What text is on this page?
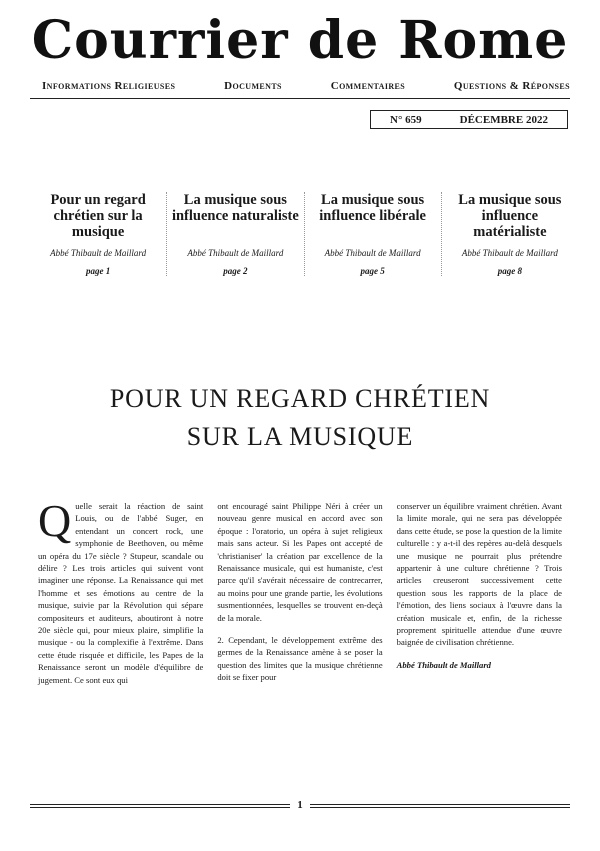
Courrier de Rome
Informations Religieuses	Documents	Commentaires	Questions & Réponses
N° 659	DÉCEMBRE 2022
Pour un regard chrétien sur la musique
Abbé Thibault de Maillard
page 1
La musique sous influence naturaliste
Abbé Thibault de Maillard
page 2
La musique sous influence libérale
Abbé Thibault de Maillard
page 5
La musique sous influence matérialiste
Abbé Thibault de Maillard
page 8
POUR UN REGARD CHRÉTIEN
SUR LA MUSIQUE

Quelle serait la réaction de saint Louis, ou de l'abbé Suger, en entendant un concert rock, une symphonie de Beethoven, ou même un opéra du 17e siècle ? Stupeur, scandale ou délire ? Les trois articles qui suivent vont imaginer une réponse. La Renaissance qui met l'homme et ses émotions au centre de la musique, suivie par la Révolution qui sépare compositeurs et auditeurs, aboutiront à notre 20e siècle qui, pour mieux plaire, simplifie la musique - ou la complexifie à l'extrême. Dans cette étude risquée et difficile, les Papes de la Renaissance seront un modèle d'équilibre de jugement. Ce sont eux qui

ont encouragé saint Philippe Néri à créer un nouveau genre musical en accord avec son époque : l'oratorio, un opéra à sujet religieux mais sans acteur. Si les Papes ont accepté de 'christianiser' la création par excellence de la Renaissance musicale, qui est humaniste, c'est parce qu'il s'avérait nécessaire de contrecarrer, au moins pour une grande partie, les évolutions susmentionnées, lesquelles se trouvent en-deçà de la morale.

2. Cependant, le développement extrême des germes de la Renaissance amène à se poser la question des limites que la musique chrétienne doit se fixer pour

conserver un équilibre vraiment chrétien. Avant la limite morale, qui ne sera pas développée dans cette étude, se pose la question de la limite culturelle : y a-t-il des repères au-delà desquels une musique ne pourrait plus prétendre appartenir à une culture chrétienne ? Trois articles creuseront successivement cette question sous les rapports de la place de l'émotion, des liens sociaux à l'œuvre dans la création musicale et, enfin, de la richesse proprement spirituelle attendue d'une œuvre baignée de civilisation chrétienne.

Abbé Thibault de Maillard
1
